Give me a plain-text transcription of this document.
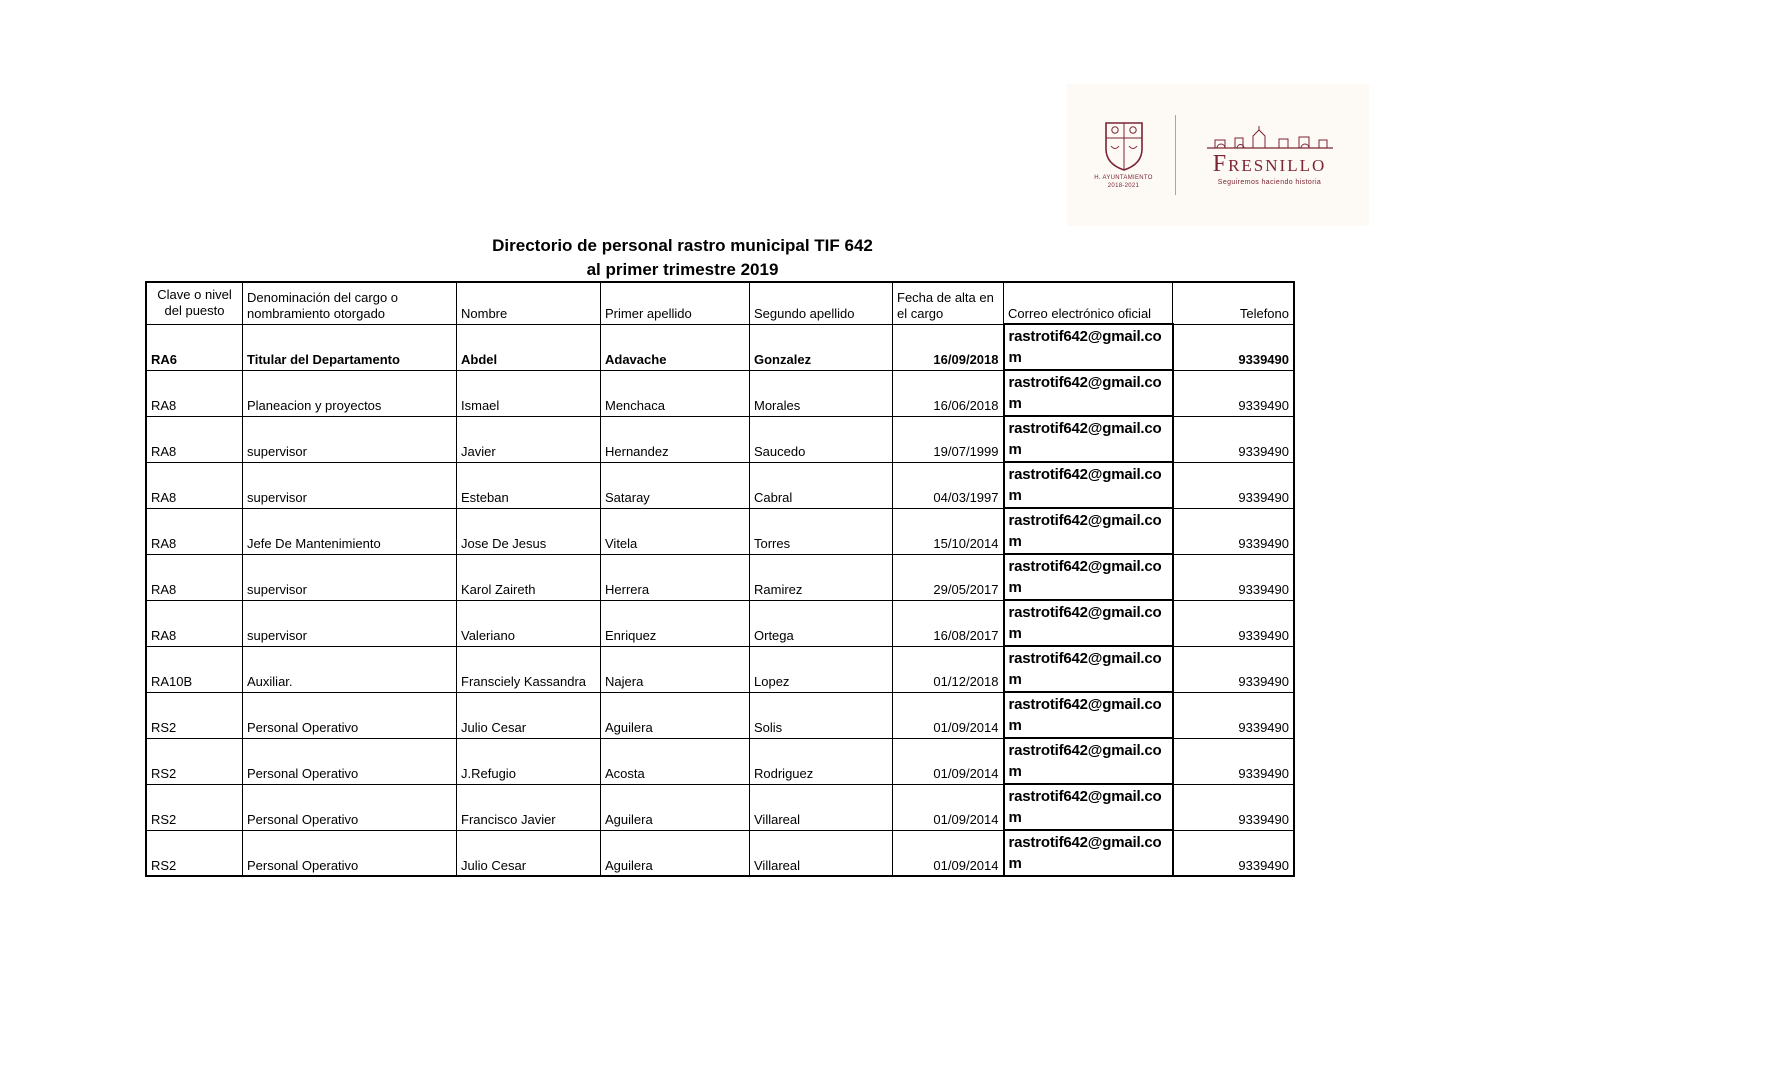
H. AYUNTAMIENTO 2018-2021
Fresnillo
Seguiremos haciendo historia
Directorio de personal rastro municipal TIF 642
al primer trimestre 2019
Clave o nivel del puesto	Denominación del cargo o nombramiento otorgado	Nombre	Primer apellido	Segundo apellido	Fecha de alta en el cargo	Correo electrónico oficial	Telefono
RA6	Titular del Departamento	Abdel	Adavache	Gonzalez	16/09/2018	rastrotif642@gmail.com	9339490
RA8	Planeacion y proyectos	Ismael	Menchaca	Morales	16/06/2018	rastrotif642@gmail.com	9339490
RA8	supervisor	Javier	Hernandez	Saucedo	19/07/1999	rastrotif642@gmail.com	9339490
RA8	supervisor	Esteban	Sataray	Cabral	04/03/1997	rastrotif642@gmail.com	9339490
RA8	Jefe De Mantenimiento	Jose De Jesus	Vitela	Torres	15/10/2014	rastrotif642@gmail.com	9339490
RA8	supervisor	Karol Zaireth	Herrera	Ramirez	29/05/2017	rastrotif642@gmail.com	9339490
RA8	supervisor	Valeriano	Enriquez	Ortega	16/08/2017	rastrotif642@gmail.com	9339490
RA10B	Auxiliar.	Fransciely Kassandra	Najera	Lopez	01/12/2018	rastrotif642@gmail.com	9339490
RS2	Personal Operativo	Julio Cesar	Aguilera	Solis	01/09/2014	rastrotif642@gmail.com	9339490
RS2	Personal Operativo	J.Refugio	Acosta	Rodriguez	01/09/2014	rastrotif642@gmail.com	9339490
RS2	Personal Operativo	Francisco Javier	Aguilera	Villareal	01/09/2014	rastrotif642@gmail.com	9339490
RS2	Personal Operativo	Julio Cesar	Aguilera	Villareal	01/09/2014	rastrotif642@gmail.com	9339490
